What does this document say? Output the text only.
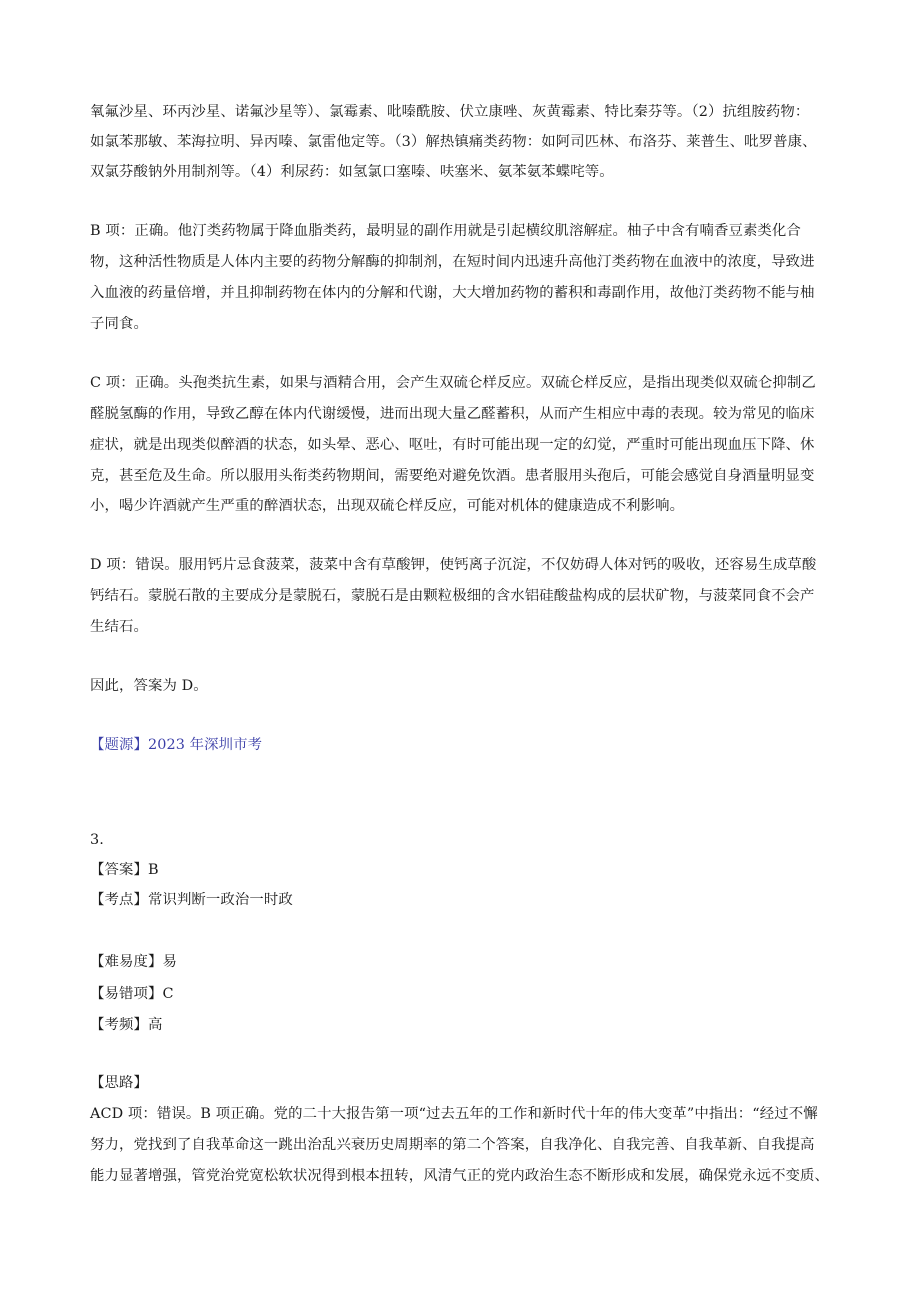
氧氟沙星、环丙沙星、诺氟沙星等）、氯霉素、吡嗪酰胺、伏立康唑、灰黄霉素、特比秦芬等。（2）抗组胺药物：
如氯苯那敏、苯海拉明、异丙嗪、氯雷他定等。（3）解热镇痛类药物：如阿司匹林、布洛芬、莱普生、吡罗普康、
双氯芬酸钠外用制剂等。（4）利尿药：如氢氯口塞嗪、呋塞米、氨苯氨苯蝶咤等。
B 项：正确。他汀类药物属于降血脂类药，最明显的副作用就是引起横纹肌溶解症。柚子中含有喃香豆素类化合
物，这种活性物质是人体内主要的药物分解酶的抑制剂，在短时间内迅速升高他汀类药物在血液中的浓度，导致进
入血液的药量倍增，并且抑制药物在体内的分解和代谢，大大增加药物的蓄积和毒副作用，故他汀类药物不能与柚
子同食。
C 项：正确。头孢类抗生素，如果与酒精合用，会产生双硫仑样反应。双硫仑样反应，是指出现类似双硫仑抑制乙
醛脱氢酶的作用，导致乙醇在体内代谢缓慢，进而出现大量乙醛蓄积，从而产生相应中毒的表现。较为常见的临床
症状，就是出现类似醉酒的状态，如头晕、恶心、呕吐，有时可能出现一定的幻觉，严重时可能出现血压下降、休
克，甚至危及生命。所以服用头衔类药物期间，需要绝对避免饮酒。患者服用头孢后，可能会感觉自身酒量明显变
小，喝少许酒就产生严重的醉酒状态，出现双硫仑样反应，可能对机体的健康造成不利影响。
D 项：错误。服用钙片忌食菠菜，菠菜中含有草酸钾，使钙离子沉淀，不仅妨碍人体对钙的吸收，还容易生成草酸
钙结石。蒙脱石散的主要成分是蒙脱石，蒙脱石是由颗粒极细的含水铝硅酸盐构成的层状矿物，与菠菜同食不会产
生结石。
因此，答案为 D。
【题源】2023 年深圳市考
3.
【答案】B
【考点】常识判断一政治一时政
【难易度】易
【易错项】C
【考频】高
【思路】
ACD 项：错误。B 项正确。党的二十大报告第一项“过去五年的工作和新时代十年的伟大变革”中指出：“经过不懈
努力，党找到了自我革命这一跳出治乱兴衰历史周期率的第二个答案，自我净化、自我完善、自我革新、自我提高
能力显著增强，管党治党宽松软状况得到根本扭转，风清气正的党内政治生态不断形成和发展，确保党永远不变质、
